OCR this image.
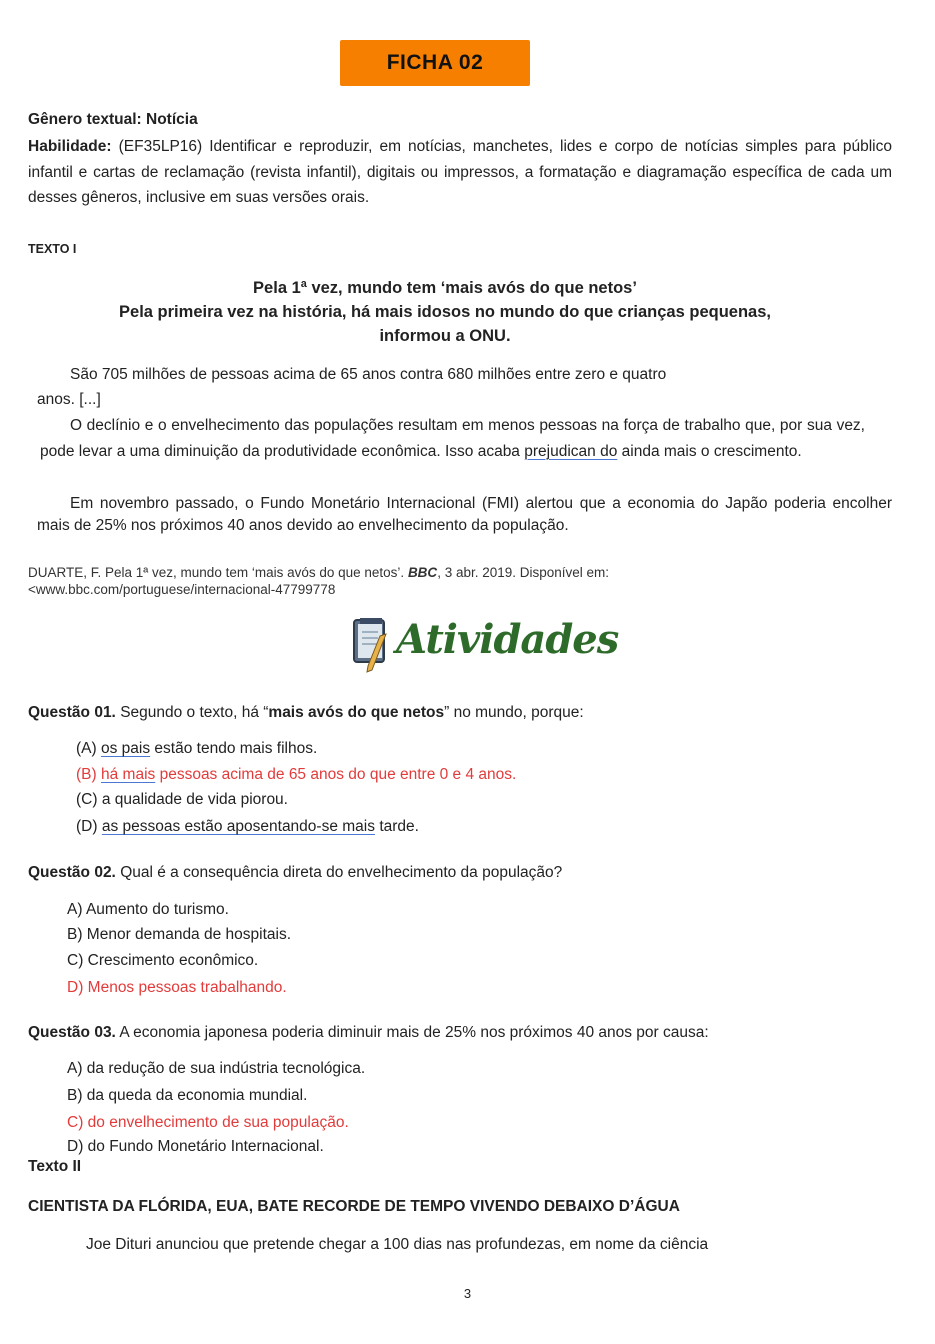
FICHA 02
Gênero textual: Notícia
Habilidade: (EF35LP16) Identificar e reproduzir, em notícias, manchetes, lides e corpo de notícias simples para público infantil e cartas de reclamação (revista infantil), digitais ou impressos, a formatação e diagramação específica de cada um desses gêneros, inclusive em suas versões orais.
TEXTO I
Pela 1ª vez, mundo tem ‘mais avós do que netos’
Pela primeira vez na história, há mais idosos no mundo do que crianças pequenas,
informou a ONU.
São 705 milhões de pessoas acima de 65 anos contra 680 milhões entre zero e quatro
anos. [...]
O declínio e o envelhecimento das populações resultam em menos pessoas na força de trabalho que, por sua vez, pode levar a uma diminuição da produtividade econômica. Isso acaba prejudican do ainda mais o crescimento.
Em novembro passado, o Fundo Monetário Internacional (FMI) alertou que a economia do Japão poderia encolher mais de 25% nos próximos 40 anos devido ao envelhecimento da população.
DUARTE, F. Pela 1ª vez, mundo tem ‘mais avós do que netos’. BBC, 3 abr. 2019. Disponível em:
<www.bbc.com/portuguese/internacional-47799778
Atividades
Questão 01. Segundo o texto, há “mais avós do que netos” no mundo, porque:
(A) os pais estão tendo mais filhos.
(B) há mais pessoas acima de 65 anos do que entre 0 e 4 anos.
(C) a qualidade de vida piorou.
(D) as pessoas estão aposentando-se mais tarde.
Questão 02. Qual é a consequência direta do envelhecimento da população?
A) Aumento do turismo.
B) Menor demanda de hospitais.
C) Crescimento econômico.
D) Menos pessoas trabalhando.
Questão 03. A economia japonesa poderia diminuir mais de 25% nos próximos 40 anos por causa:
A) da redução de sua indústria tecnológica.
B) da queda da economia mundial.
C) do envelhecimento de sua população.
D) do Fundo Monetário Internacional.
Texto II
CIENTISTA DA FLÓRIDA, EUA, BATE RECORDE DE TEMPO VIVENDO DEBAIXO D’ÁGUA
Joe Dituri anunciou que pretende chegar a 100 dias nas profundezas, em nome da ciência
3
